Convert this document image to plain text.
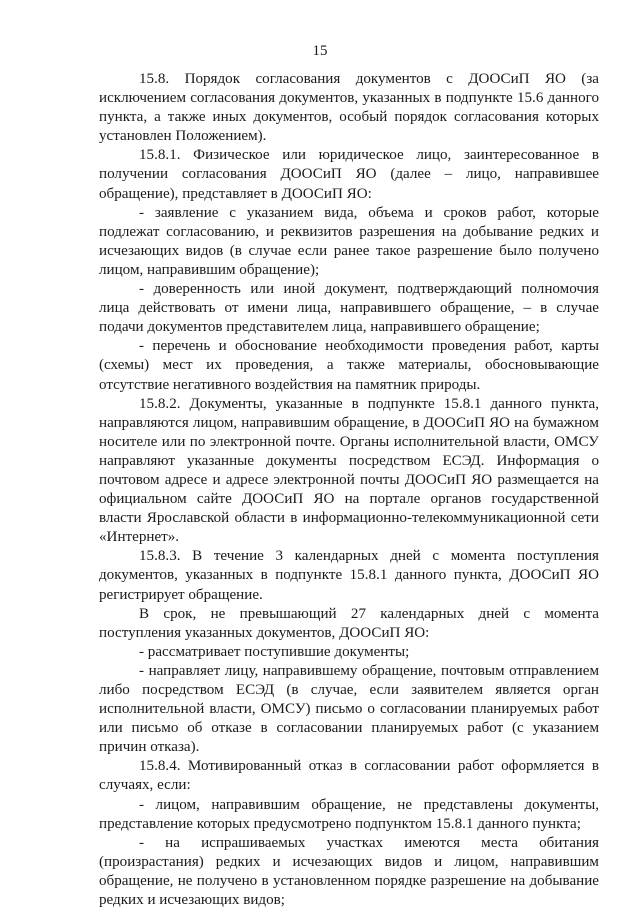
15

15.8. Порядок согласования документов с ДООСиП ЯО (за исключением согласования документов, указанных в подпункте 15.6 данного пункта, а также иных документов, особый порядок согласования которых установлен Положением).

15.8.1. Физическое или юридическое лицо, заинтересованное в получении согласования ДООСиП ЯО (далее – лицо, направившее обращение), представляет в ДООСиП ЯО:

- заявление с указанием вида, объема и сроков работ, которые подлежат согласованию, и реквизитов разрешения на добывание редких и исчезающих видов (в случае если ранее такое разрешение было получено лицом, направившим обращение);

- доверенность или иной документ, подтверждающий полномочия лица действовать от имени лица, направившего обращение, – в случае подачи документов представителем лица, направившего обращение;

- перечень и обоснование необходимости проведения работ, карты (схемы) мест их проведения, а также материалы, обосновывающие отсутствие негативного воздействия на памятник природы.

15.8.2. Документы, указанные в подпункте 15.8.1 данного пункта, направляются лицом, направившим обращение, в ДООСиП ЯО на бумажном носителе или по электронной почте. Органы исполнительной власти, ОМСУ направляют указанные документы посредством ЕСЭД. Информация о почтовом адресе и адресе электронной почты ДООСиП ЯО размещается на официальном сайте ДООСиП ЯО на портале органов государственной власти Ярославской области в информационно-телекоммуникационной сети «Интернет».

15.8.3. В течение 3 календарных дней с момента поступления документов, указанных в подпункте 15.8.1 данного пункта, ДООСиП ЯО регистрирует обращение.

В срок, не превышающий 27 календарных дней с момента поступления указанных документов, ДООСиП ЯО:

- рассматривает поступившие документы;

- направляет лицу, направившему обращение, почтовым отправлением либо посредством ЕСЭД (в случае, если заявителем является орган исполнительной власти, ОМСУ) письмо о согласовании планируемых работ или письмо об отказе в согласовании планируемых работ (с указанием причин отказа).

15.8.4. Мотивированный отказ в согласовании работ оформляется в случаях, если:

- лицом, направившим обращение, не представлены документы, представление которых предусмотрено подпунктом 15.8.1 данного пункта;

- на испрашиваемых участках имеются места обитания (произрастания) редких и исчезающих видов и лицом, направившим обращение, не получено в установленном порядке разрешение на добывание редких и исчезающих видов;
